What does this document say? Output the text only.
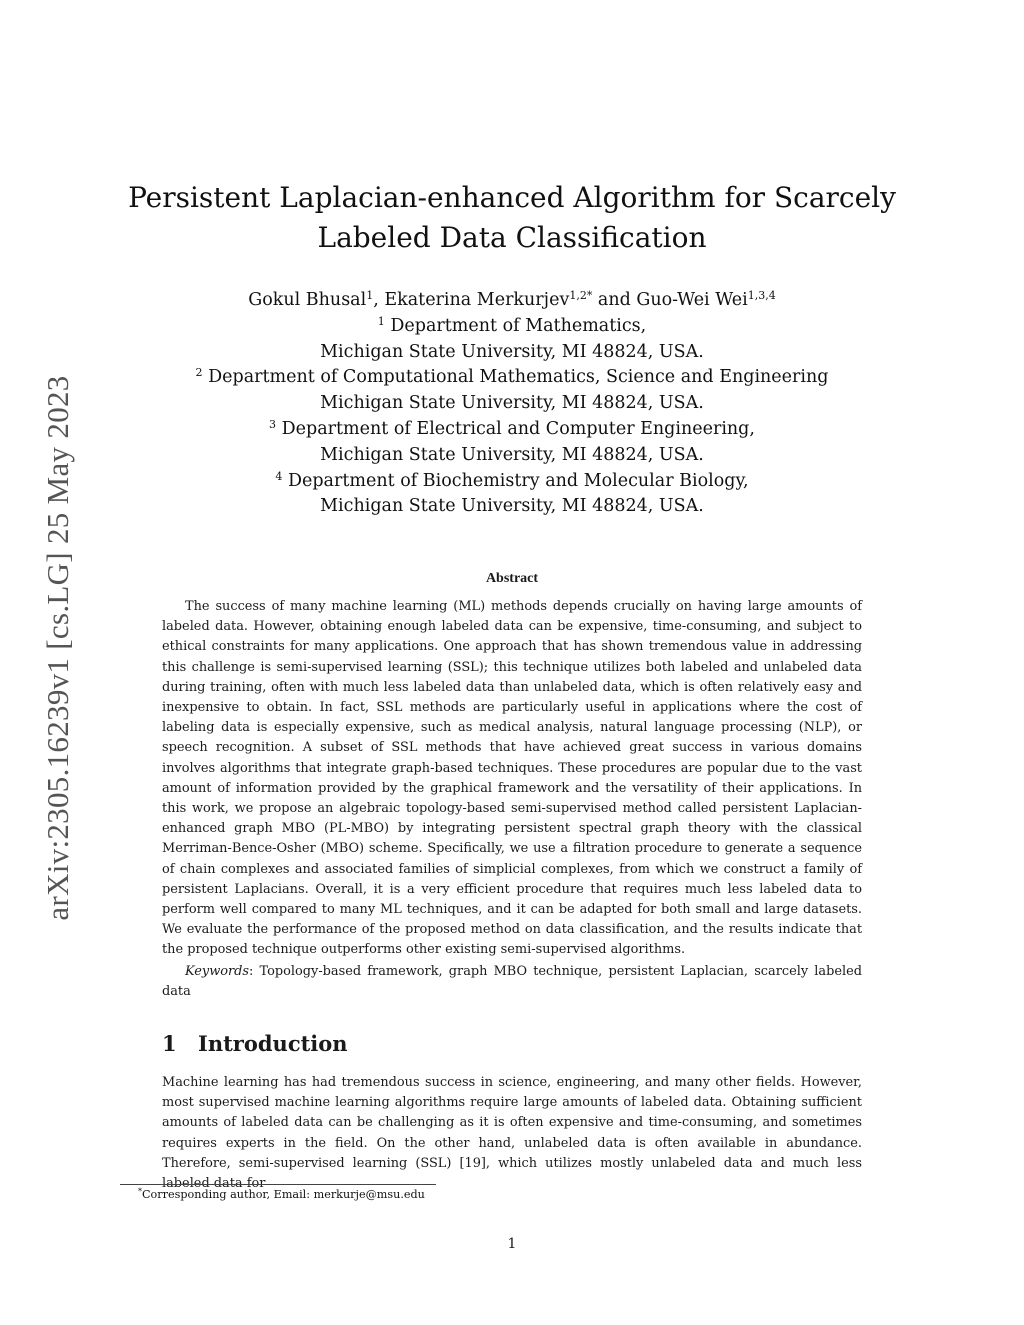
arXiv:2305.16239v1 [cs.LG] 25 May 2023
Persistent Laplacian-enhanced Algorithm for Scarcely
Labeled Data Classification
Gokul Bhusal$^1$, Ekaterina Merkurjev$^{1,2*}$ and Guo-Wei Wei$^{1,3,4}$
$^1$ Department of Mathematics,
Michigan State University, MI 48824, USA.
$^2$ Department of Computational Mathematics, Science and Engineering
Michigan State University, MI 48824, USA.
$^3$ Department of Electrical and Computer Engineering,
Michigan State University, MI 48824, USA.
$^4$ Department of Biochemistry and Molecular Biology,
Michigan State University, MI 48824, USA.
Abstract
The success of many machine learning (ML) methods depends crucially on having large amounts of labeled data. However, obtaining enough labeled data can be expensive, time-consuming, and subject to ethical constraints for many applications. One approach that has shown tremendous value in addressing this challenge is semi-supervised learning (SSL); this technique utilizes both labeled and unlabeled data during training, often with much less labeled data than unlabeled data, which is often relatively easy and inexpensive to obtain. In fact, SSL methods are particularly useful in applications where the cost of labeling data is especially expensive, such as medical analysis, natural language processing (NLP), or speech recognition. A subset of SSL methods that have achieved great success in various domains involves algorithms that integrate graph-based techniques. These procedures are popular due to the vast amount of information provided by the graphical framework and the versatility of their applications. In this work, we propose an algebraic topology-based semi-supervised method called persistent Laplacian-enhanced graph MBO (PL-MBO) by integrating persistent spectral graph theory with the classical Merriman-Bence-Osher (MBO) scheme. Specifically, we use a filtration procedure to generate a sequence of chain complexes and associated families of simplicial complexes, from which we construct a family of persistent Laplacians. Overall, it is a very efficient procedure that requires much less labeled data to perform well compared to many ML techniques, and it can be adapted for both small and large datasets. We evaluate the performance of the proposed method on data classification, and the results indicate that the proposed technique outperforms other existing semi-supervised algorithms.
Keywords: Topology-based framework, graph MBO technique, persistent Laplacian, scarcely labeled data
1 Introduction
Machine learning has had tremendous success in science, engineering, and many other fields. However, most supervised machine learning algorithms require large amounts of labeled data. Obtaining sufficient amounts of labeled data can be challenging as it is often expensive and time-consuming, and sometimes requires experts in the field. On the other hand, unlabeled data is often available in abundance. Therefore, semi-supervised learning (SSL) [19], which utilizes mostly unlabeled data and much less labeled data for
*Corresponding author, Email: merkurje@msu.edu
1
